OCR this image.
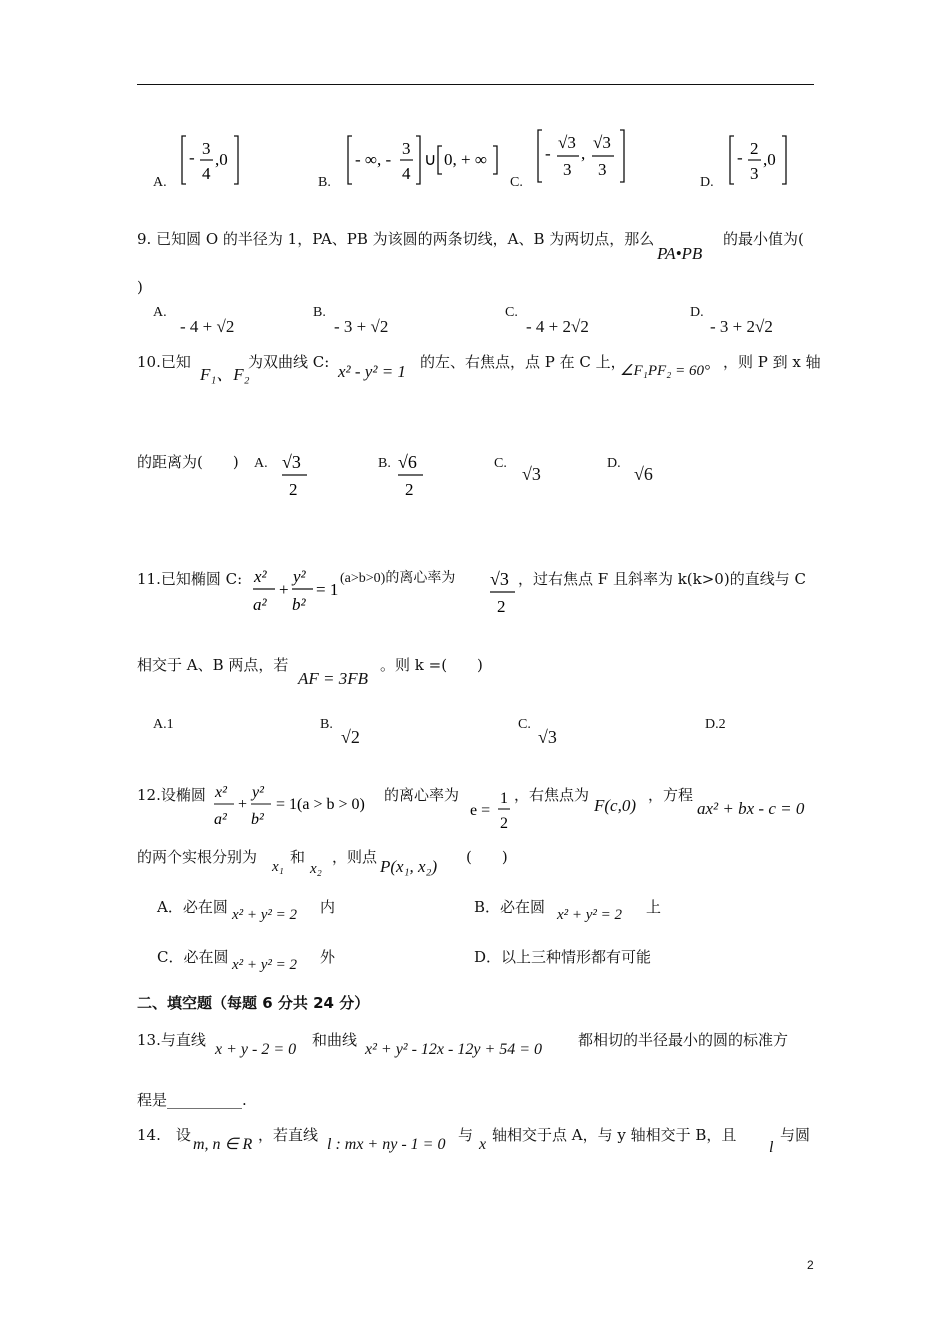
A.
- 3
4
,0
B.
- ∞, -
3
4
∪ 0, + ∞
C.
-
√3
3
,
√3
3
D.
- 2
3
,0
9. 已知圆 O 的半径为 1，PA、PB 为该圆的两条切线，A、B 为两切点，那么
PA•PB
的最小值为(
)
A.
- 4 + √2
B.
- 3 + √2
C.
- 4 + 2√2
D.
- 3 + 2√2
10.已知
F₁、F₂
为双曲线 C: x² - y² = 1 的左、右焦点，点 P 在 C 上，
∠F₁PF₂ = 60° ，则 P 到 x 轴
的距离为(　　) A. √3
2
B. √6
2
C.
√3
D.
√6
11.已知椭圆 C: x²
a²
+
y²
b²
= 1
(a>b>0)的离心率为 √3
2
，过右焦点 F 且斜率为 k(k>0)的直线与 C
相交于 A、B 两点，若
AF = 3FB
。则 k =(　　)
A.1	B.
√2
C.
√3
D.2
12.设椭圆 x²
a²
+
y²
b²
= 1(a > b > 0)
的离心率为
e =
1
2
，右焦点为
F(c,0)
，方程
ax² + bx - c = 0
的两个实根分别为
x₁
和
x₂
，则点 P(x₁, x₂) (　　)
A．必在圆 x² + y² = 2 内	B．必在圆 x² + y² = 2 上
C．必在圆 x² + y² = 2 外	D．以上三种情形都有可能
二、填空题（每题 6 分共 24 分）
13.与直线
x + y - 2 = 0
和曲线
x² + y² - 12x - 12y + 54 = 0
都相切的半径最小的圆的标准方
程是__________.
14.　设
m, n ∈ R
，若直线
l : mx + ny - 1 = 0
与
x
轴相交于点 A，与 y 轴相交于 B，且
l
与圆
2
